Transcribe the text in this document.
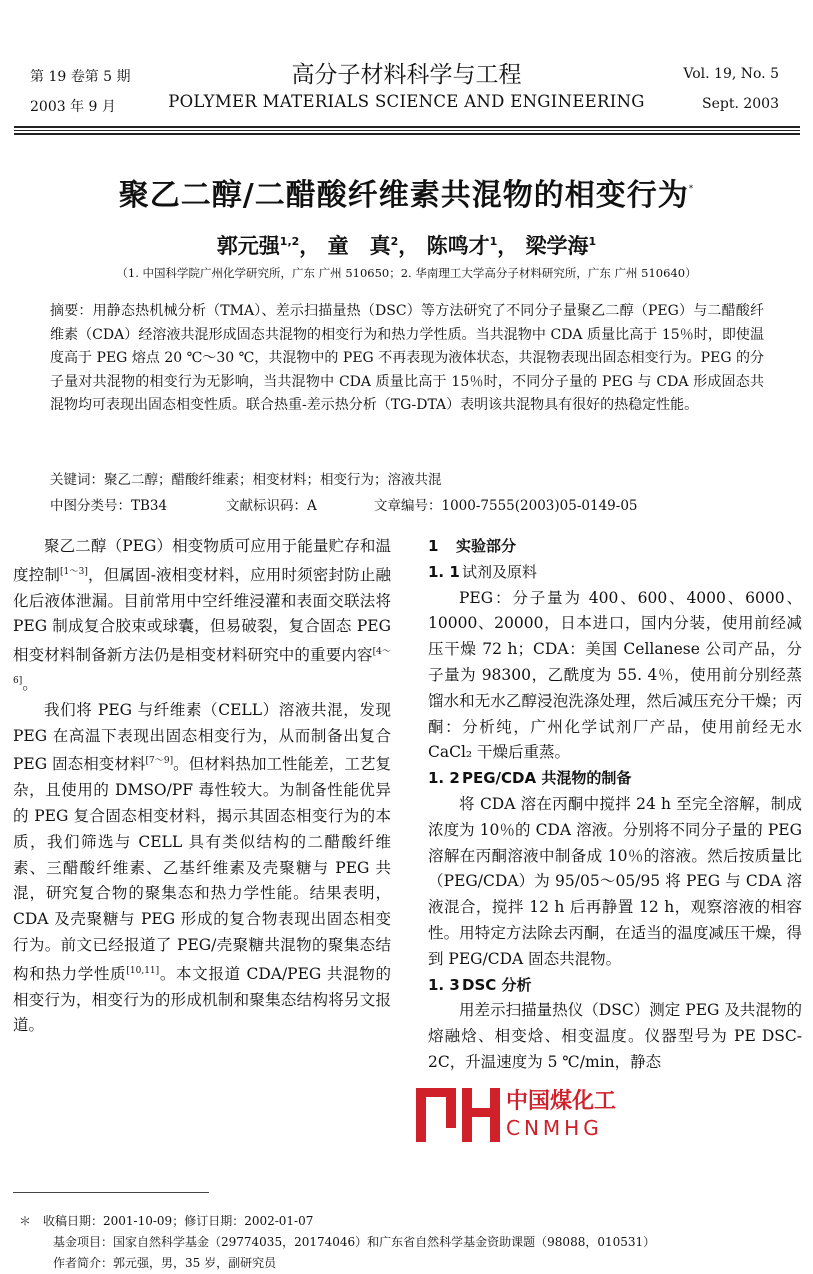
第 19 卷第 5 期
2003 年 9 月
高分子材料科学与工程
POLYMER MATERIALS SCIENCE AND ENGINEERING
Vol. 19, No. 5
Sept. 2003
聚乙二醇/二醋酸纤维素共混物的相变行为*
郭元强$^{1,2}$， 童　真$^2$， 陈鸣才$^1$， 梁学海$^1$
（1. 中国科学院广州化学研究所，广东 广州 510650；2. 华南理工大学高分子材料研究所，广东 广州 510640）
摘要：用静态热机械分析（TMA）、差示扫描量热（DSC）等方法研究了不同分子量聚乙二醇（PEG）与二醋酸纤维素（CDA）经溶液共混形成固态共混物的相变行为和热力学性质。当共混物中 CDA 质量比高于 15％时，即使温度高于 PEG 熔点 20 ℃～30 ℃，共混物中的 PEG 不再表现为液体状态，共混物表现出固态相变行为。PEG 的分子量对共混物的相变行为无影响，当共混物中 CDA 质量比高于 15％时，不同分子量的 PEG 与 CDA 形成固态共混物均可表现出固态相变性质。联合热重-差示热分析（TG-DTA）表明该共混物具有很好的热稳定性能。
关键词：聚乙二醇；醋酸纤维素；相变材料；相变行为；溶液共混
中图分类号：TB34	文献标识码：A	文章编号：1000-7555(2003)05-0149-05

聚乙二醇（PEG）相变物质可应用于能量贮存和温度控制[1～3]，但属固-液相变材料，应用时须密封防止融化后液体泄漏。目前常用中空纤维浸灌和表面交联法将 PEG 制成复合胶束或球囊，但易破裂，复合固态 PEG 相变材料制备新方法仍是相变材料研究中的重要内容[4～6]。

我们将 PEG 与纤维素（CELL）溶液共混，发现 PEG 在高温下表现出固态相变行为，从而制备出复合 PEG 固态相变材料[7～9]。但材料热加工性能差，工艺复杂，且使用的 DMSO/PF 毒性较大。为制备性能优异的 PEG 复合固态相变材料，揭示其固态相变行为的本质，我们筛选与 CELL 具有类似结构的二醋酸纤维素、三醋酸纤维素、乙基纤维素及壳聚糖与 PEG 共混，研究复合物的聚集态和热力学性能。结果表明，CDA 及壳聚糖与 PEG 形成的复合物表现出固态相变行为。前文已经报道了 PEG/壳聚糖共混物的聚集态结构和热力学性质[10,11]。本文报道 CDA/PEG 共混物的相变行为，相变行为的形成机制和聚集态结构将另文报道。

1 实验部分

1. 1 试剂及原料

PEG：分子量为 400、600、4000、6000、10000、20000，日本进口，国内分装，使用前经减压干燥 72 h；CDA：美国 Cellanese 公司产品，分子量为 98300，乙酰度为 55. 4％，使用前分别经蒸馏水和无水乙醇浸泡洗涤处理，然后减压充分干燥；丙酮：分析纯，广州化学试剂厂产品，使用前经无水 CaCl₂ 干燥后重蒸。

1. 2 PEG/CDA 共混物的制备

将 CDA 溶在丙酮中搅拌 24 h 至完全溶解，制成浓度为 10％的 CDA 溶液。分别将不同分子量的 PEG 溶解在丙酮溶液中制备成 10％的溶液。然后按质量比（PEG/CDA）为 95/05～05/95 将 PEG 与 CDA 溶液混合，搅拌 12 h 后再静置 12 h，观察溶液的相容性。用特定方法除去丙酮，在适当的温度减压干燥，得到 PEG/CDA 固态共混物。

1. 3 DSC 分析

用差示扫描量热仪（DSC）测定 PEG 及共混物的熔融焓、相变焓、相变温度。仪器型号为 PE DSC-2C，升温速度为 5 ℃/min，静态

中国煤化工
CNMHG
＊　收稿日期：2001-10-09；修订日期：2002-01-07
基金项目：国家自然科学基金（29774035，20174046）和广东省自然科学基金资助课题（98088，010531）
作者简介：郭元强，男，35 岁，副研究员
